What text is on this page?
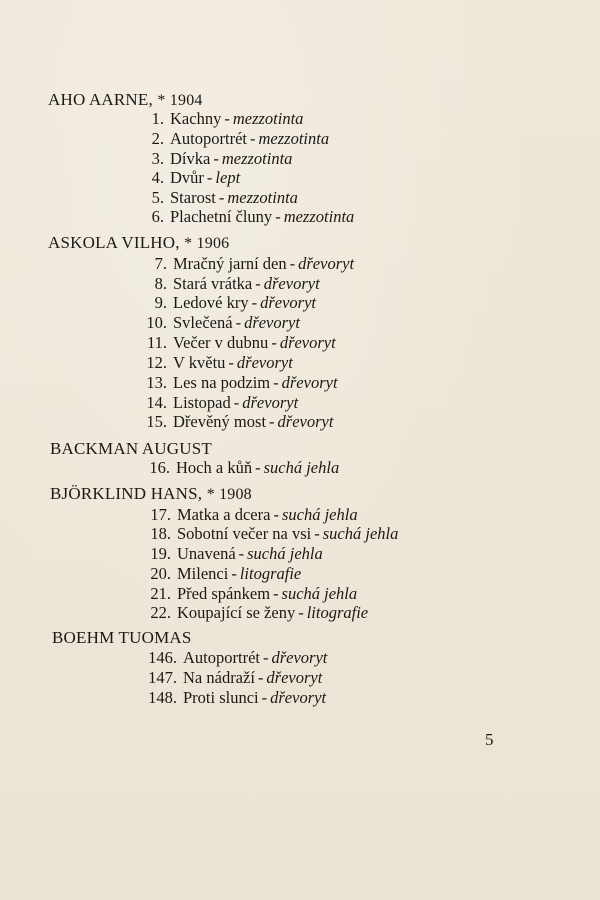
AHO AARNE, * 1904
1. Kachny - mezzotinta
2. Autoportrét - mezzotinta
3. Dívka - mezzotinta
4. Dvůr - lept
5. Starost - mezzotinta
6. Plachetní čluny - mezzotinta
ASKOLA VILHO, * 1906
7. Mračný jarní den - dřevoryt
8. Stará vrátka - dřevoryt
9. Ledové kry - dřevoryt
10. Svlečená - dřevoryt
11. Večer v dubnu - dřevoryt
12. V květu - dřevoryt
13. Les na podzim - dřevoryt
14. Listopad - dřevoryt
15. Dřevěný most - dřevoryt
BACKMAN AUGUST
16. Hoch a kůň - suchá jehla
BJÖRKLIND HANS, * 1908
17. Matka a dcera - suchá jehla
18. Sobotní večer na vsi - suchá jehla
19. Unavená - suchá jehla
20. Milenci - litografie
21. Před spánkem - suchá jehla
22. Koupající se ženy - litografie
BOEHM TUOMAS
146. Autoportrét - dřevoryt
147. Na nádraží - dřevoryt
148. Proti slunci - dřevoryt
5
